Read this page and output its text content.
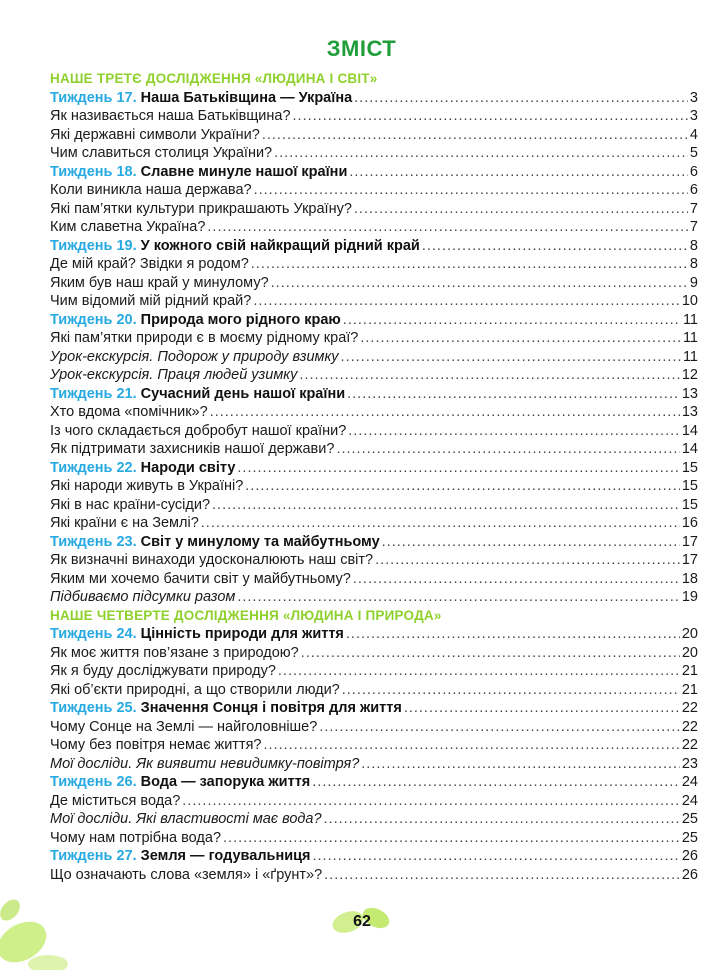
ЗМІСТ
НАШЕ ТРЕТЄ ДОСЛІДЖЕННЯ «ЛЮДИНА І СВІТ»
Тиждень 17. Наша Батьківщина — Україна .....	3
Як називається наша Батьківщина? .....	3
Які державні символи України? .....	4
Чим славиться столиця України? .....	5
Тиждень 18. Славне минуле нашої країни .....	6
Коли виникла наша держава? .....	6
Які пам’ятки культури прикрашають Україну? .....	7
Ким славетна Україна? .....	7
Тиждень 19. У кожного свій найкращий рідний край .....	8
Де мій край? Звідки я родом? .....	8
Яким був наш край у минулому? .....	9
Чим відомий мій рідний край? .....	10
Тиждень 20. Природа мого рідного краю .....	11
Які пам’ятки природи є в моєму рідному краї? .....	11
Урок-екскурсія. Подорож у природу взимку .....	11
Урок-екскурсія. Праця людей узимку .....	12
Тиждень 21. Сучасний день нашої країни .....	13
Хто вдома «помічник»? .....	13
Із чого складається добробут нашої країни? .....	14
Як підтримати захисників нашої держави? .....	14
Тиждень 22. Народи світу .....	15
Які народи живуть в Україні? .....	15
Які в нас країни-сусіди? .....	15
Які країни є на Землі? .....	16
Тиждень 23. Світ у минулому та майбутньому .....	17
Як визначні винаходи удосконалюють наш світ? .....	17
Яким ми хочемо бачити світ у майбутньому? .....	18
Підбиваємо підсумки разом .....	19
НАШЕ ЧЕТВЕРТЕ ДОСЛІДЖЕННЯ «ЛЮДИНА І ПРИРОДА»
Тиждень 24. Цінність природи для життя .....	20
Як моє життя пов’язане з природою? .....	20
Як я буду досліджувати природу? .....	21
Які об’єкти природні, а що створили люди? .....	21
Тиждень 25. Значення Сонця і повітря для життя .....	22
Чому Сонце на Землі — найголовніше? .....	22
Чому без повітря немає життя? .....	22
Мої досліди. Як виявити невидимку-повітря? .....	23
Тиждень 26. Вода — запорука життя .....	24
Де міститься вода? .....	24
Мої досліди. Які властивості має вода? .....	25
Чому нам потрібна вода? .....	25
Тиждень 27. Земля — годувальниця .....	26
Що означають слова «земля» і «ґрунт»? .....	26
62
